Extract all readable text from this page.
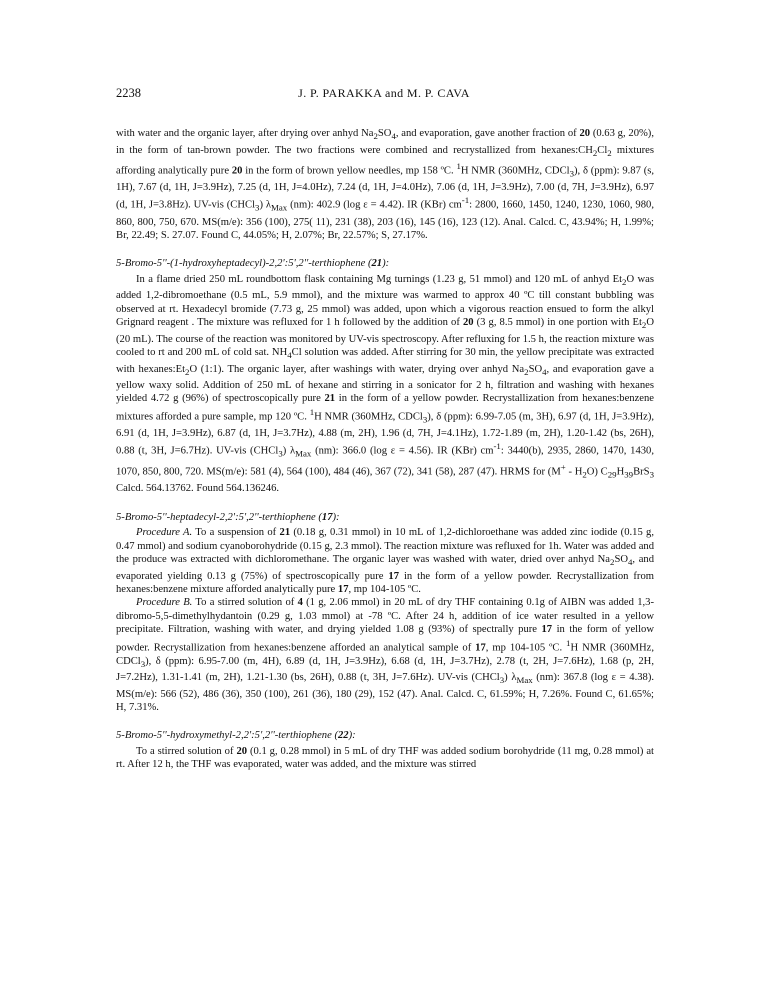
2238	J. P. PARAKKA and M. P. CAVA

with water and the organic layer, after drying over anhyd $Na_2SO_4$, and evaporation, gave another fraction of 20 (0.63 g, 20%), in the form of tan-brown powder. The two fractions were combined and recrystallized from $hexanes:CH_2Cl_2$ mixtures affording analytically pure 20 in the form of brown yellow needles, mp 158 ºC. $^1$H NMR (360MHz, CDCl$_3$), δ (ppm): 9.87 (s, 1H), 7.67 (d, 1H, J=3.9Hz), 7.25 (d, 1H, J=4.0Hz), 7.24 (d, 1H, J=4.0Hz), 7.06 (d, 1H, J=3.9Hz), 7.00 (d, 7H, J=3.9Hz), 6.97 (d, 1H, J=3.8Hz). UV-vis (CHCl$_3$) $\lambda_{Max}$ (nm): 402.9 (log ε = 4.42). IR (KBr) $cm^{-1}$: 2800, 1660, 1450, 1240, 1230, 1060, 980, 860, 800, 750, 670. MS(m/e): 356 (100), 275( 11), 231 (38), 203 (16), 145 (16), 123 (12). Anal. Calcd. C, 43.94%; H, 1.99%; Br, 22.49; S. 27.07. Found C, 44.05%; H, 2.07%; Br, 22.57%; S, 27.17%.

5-Bromo-5''-(1-hydroxyheptadecyl)-2,2':5',2''-terthiophene (21):

In a flame dried 250 mL roundbottom flask containing Mg turnings (1.23 g, 51 mmol) and 120 mL of anhyd $Et_2O$ was added 1,2-dibromoethane (0.5 mL, 5.9 mmol), and the mixture was warmed to approx 40 ºC till constant bubbling was observed at rt. Hexadecyl bromide (7.73 g, 25 mmol) was added, upon which a vigorous reaction ensued to form the alkyl Grignard reagent . The mixture was refluxed for 1 h followed by the addition of 20 (3 g, 8.5 mmol) in one portion with $Et_2O$ (20 mL). The course of the reaction was monitored by UV-vis spectroscopy. After refluxing for 1.5 h, the reaction mixture was cooled to rt and 200 mL of cold sat. $NH_4Cl$ solution was added. After stirring for 30 min, the yellow precipitate was extracted with $hexanes:Et_2O$ (1:1). The organic layer, after washings with water, drying over anhyd $Na_2SO_4$, and evaporation gave a yellow waxy solid. Addition of 250 mL of hexane and stirring in a sonicator for 2 h, filtration and washing with hexanes yielded 4.72 g (96%) of spectroscopically pure 21 in the form of a yellow powder. Recrystallization from hexanes:benzene mixtures afforded a pure sample, mp 120 ºC. $^1$H NMR (360MHz, CDCl$_3$), δ (ppm): 6.99-7.05 (m, 3H), 6.97 (d, 1H, J=3.9Hz), 6.91 (d, 1H, J=3.9Hz), 6.87 (d, 1H, J=3.7Hz), 4.88 (m, 2H), 1.96 (d, 7H, J=4.1Hz), 1.72-1.89 (m, 2H), 1.20-1.42 (bs, 26H), 0.88 (t, 3H, J=6.7Hz). UV-vis (CHCl$_3$) $\lambda_{Max}$ (nm): 366.0 (log ε = 4.56). IR (KBr) $cm^{-1}$: 3440(b), 2935, 2860, 1470, 1430, 1070, 850, 800, 720. MS(m/e): 581 (4), 564 (100), 484 (46), 367 (72), 341 (58), 287 (47). HRMS for $(M^+ - H_2O)$ $C_{29}H_{39}BrS_3$ Calcd. 564.13762. Found 564.136246.

5-Bromo-5''-heptadecyl-2,2':5',2''-terthiophene (17):

Procedure A. To a suspension of 21 (0.18 g, 0.31 mmol) in 10 mL of 1,2-dichloroethane was added zinc iodide (0.15 g, 0.47 mmol) and sodium cyanoborohydride (0.15 g, 2.3 mmol). The reaction mixture was refluxed for 1h. Water was added and the produce was extracted with dichloromethane. The organic layer was washed with water, dried over anhyd $Na_2SO_4$, and evaporated yielding 0.13 g (75%) of spectroscopically pure 17 in the form of a yellow powder. Recrystallization from hexanes:benzene mixture afforded analytically pure 17, mp 104-105 ºC.

Procedure B. To a stirred solution of 4 (1 g, 2.06 mmol) in 20 mL of dry THF containing 0.1g of AIBN was added 1,3-dibromo-5,5-dimethylhydantoin (0.29 g, 1.03 mmol) at -78 ºC. After 24 h, addition of ice water resulted in a yellow precipitate. Filtration, washing with water, and drying yielded 1.08 g (93%) of spectrally pure 17 in the form of yellow powder. Recrystallization from hexanes:benzene afforded an analytical sample of 17, mp 104-105 ºC. $^1$H NMR (360MHz, CDCl$_3$), δ (ppm): 6.95-7.00 (m, 4H), 6.89 (d, 1H, J=3.9Hz), 6.68 (d, 1H, J=3.7Hz), 2.78 (t, 2H, J=7.6Hz), 1.68 (p, 2H, J=7.2Hz), 1.31-1.41 (m, 2H), 1.21-1.30 (bs, 26H), 0.88 (t, 3H, J=7.6Hz). UV-vis (CHCl$_3$) $\lambda_{Max}$ (nm): 367.8 (log ε = 4.38). MS(m/e): 566 (52), 486 (36), 350 (100), 261 (36), 180 (29), 152 (47). Anal. Calcd. C, 61.59%; H, 7.26%. Found C, 61.65%; H, 7.31%.

5-Bromo-5''-hydroxymethyl-2,2':5',2''-terthiophene (22):

To a stirred solution of 20 (0.1 g, 0.28 mmol) in 5 mL of dry THF was added sodium borohydride (11 mg, 0.28 mmol) at rt. After 12 h, the THF was evaporated, water was added, and the mixture was stirred
